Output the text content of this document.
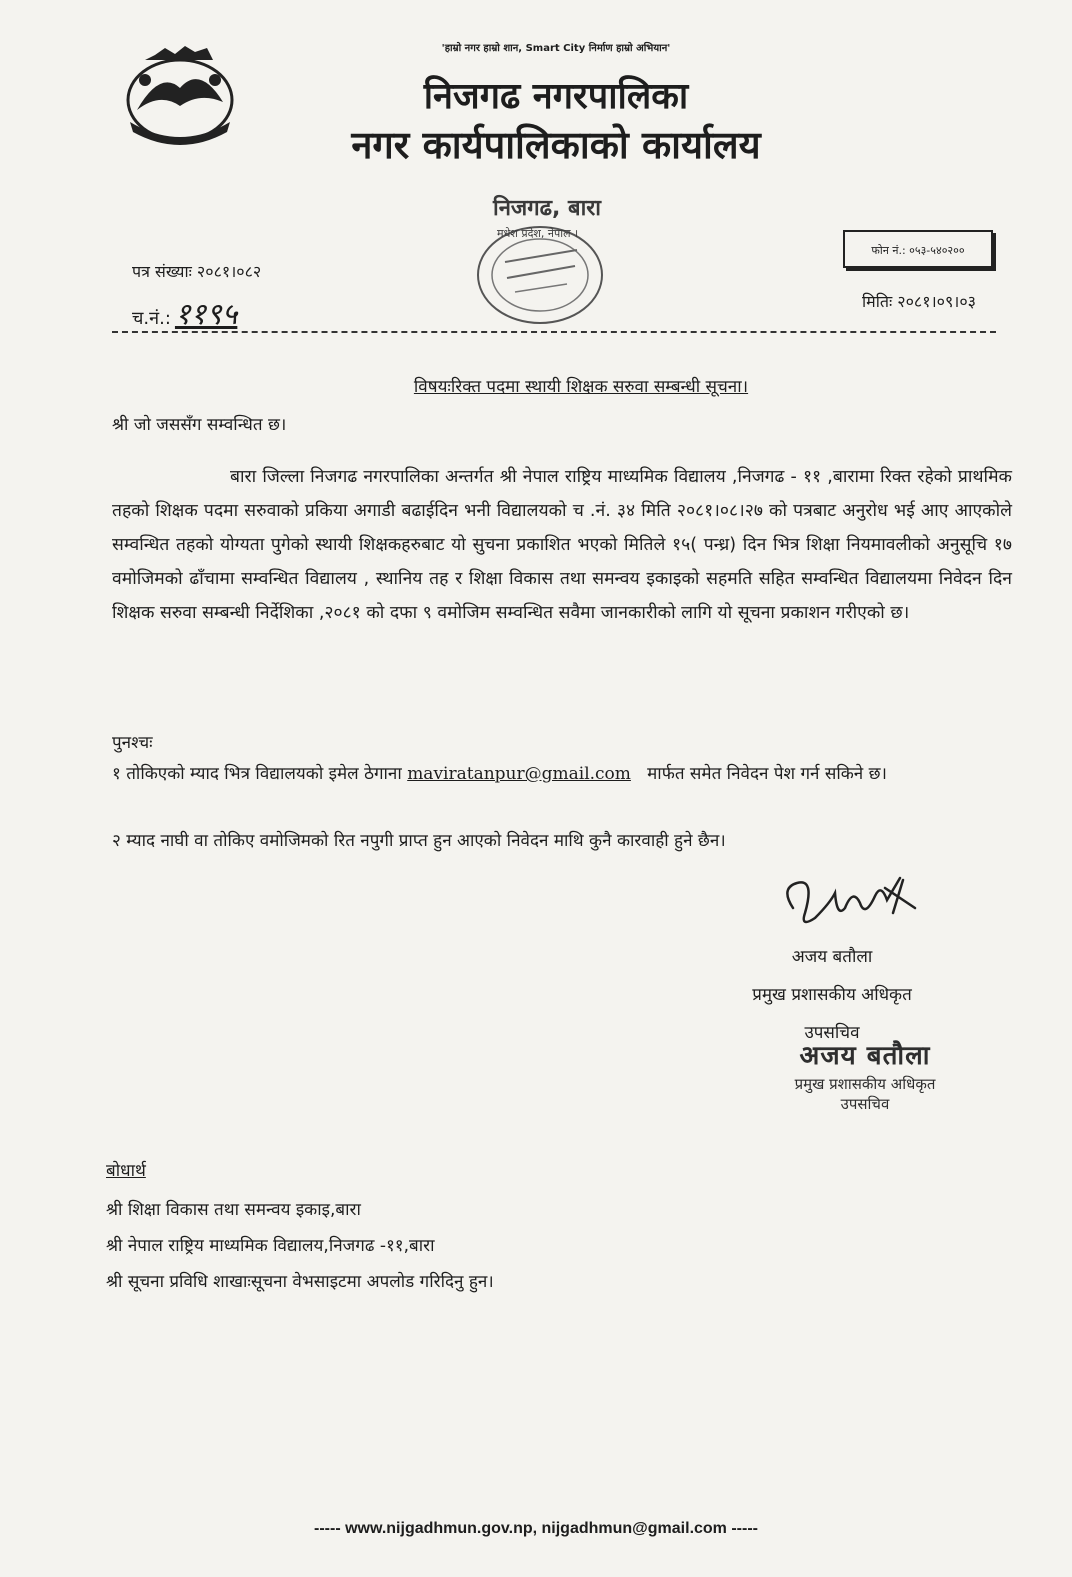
'हाम्रो नगर हाम्रो शान, Smart City निर्माण हाम्रो अभियान'
निजगढ नगरपालिका
नगर कार्यपालिकाको कार्यालय
निजगढ, बारा
मधेश प्रदेश, नेपाल ।
पत्र संख्याः २०८१।०८२
च.नं.: ११९५
फोन नं.: ०५३-५४०२००
मितिः २०८१।०९।०३
विषयःरिक्त पदमा स्थायी शिक्षक सरुवा सम्बन्धी सूचना।
श्री जो जससँग सम्वन्धित छ।

बारा जिल्ला निजगढ नगरपालिका अन्तर्गत श्री नेपाल राष्ट्रिय माध्यमिक विद्यालय ,निजगढ - ११ ,बारामा रिक्त रहेको प्राथमिक तहको शिक्षक पदमा सरुवाको प्रकिया अगाडी बढाईदिन भनी विद्यालयको च .नं. ३४ मिति २०८१।०८।२७ को पत्रबाट अनुरोध भई आए आएकोले सम्वन्धित तहको योग्यता पुगेको स्थायी शिक्षकहरुबाट यो सुचना प्रकाशित भएको मितिले १५( पन्ध्र) दिन भित्र शिक्षा नियमावलीको अनुसूचि १७ वमोजिमको ढाँचामा सम्वन्धित विद्यालय , स्थानिय तह र शिक्षा विकास तथा समन्वय इकाइको सहमति सहित सम्वन्धित विद्यालयमा निवेदन दिन शिक्षक सरुवा सम्बन्धी निर्देशिका ,२०८१ को दफा ९ वमोजिम सम्वन्धित सवैमा जानकारीको लागि यो सूचना प्रकाशन गरीएको छ।

पुनश्चः

१ तोकिएको म्याद भित्र विद्यालयको इमेल ठेगाना maviratanpur@gmail.com मार्फत समेत निवेदन पेश गर्न सकिने छ।

२ म्याद नाघी वा तोकिए वमोजिमको रित नपुगी प्राप्त हुन आएको निवेदन माथि कुनै कारवाही हुने छैन।

अजय बतौला
प्रमुख प्रशासकीय अधिकृत
उपसचिव
अजय बतौला
प्रमुख प्रशासकीय अधिकृत
उपसचिव
बोधार्थ
श्री शिक्षा विकास तथा समन्वय इकाइ,बारा
श्री नेपाल राष्ट्रिय माध्यमिक विद्यालय,निजगढ -११,बारा
श्री सूचना प्रविधि शाखाःसूचना वेभसाइटमा अपलोड गरिदिनु हुन।
----- www.nijgadhmun.gov.np, nijgadhmun@gmail.com -----
